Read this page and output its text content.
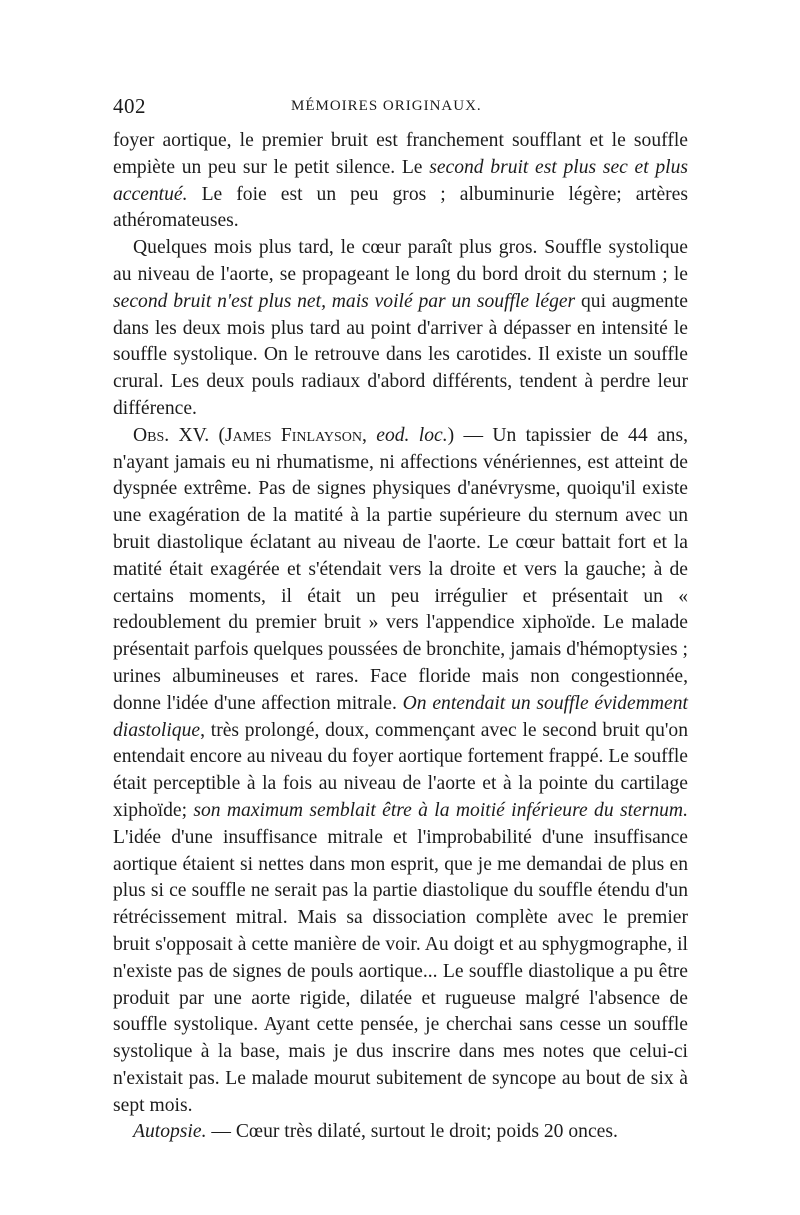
402	MÉMOIRES ORIGINAUX.

foyer aortique, le premier bruit est franchement soufflant et le souffle empiète un peu sur le petit silence. Le second bruit est plus sec et plus accentué. Le foie est un peu gros ; albuminurie légère; artères athéromateuses.

Quelques mois plus tard, le cœur paraît plus gros. Souffle systolique au niveau de l'aorte, se propageant le long du bord droit du sternum ; le second bruit n'est plus net, mais voilé par un souffle léger qui augmente dans les deux mois plus tard au point d'arriver à dépasser en intensité le souffle systolique. On le retrouve dans les carotides. Il existe un souffle crural. Les deux pouls radiaux d'abord différents, tendent à perdre leur différence.

Obs. XV. (James Finlayson, eod. loc.) — Un tapissier de 44 ans, n'ayant jamais eu ni rhumatisme, ni affections vénériennes, est atteint de dyspnée extrême. Pas de signes physiques d'anévrysme, quoiqu'il existe une exagération de la matité à la partie supérieure du sternum avec un bruit diastolique éclatant au niveau de l'aorte. Le cœur battait fort et la matité était exagérée et s'étendait vers la droite et vers la gauche; à de certains moments, il était un peu irrégulier et présentait un « redoublement du premier bruit » vers l'appendice xiphoïde. Le malade présentait parfois quelques poussées de bronchite, jamais d'hémoptysies ; urines albumineuses et rares. Face floride mais non congestionnée, donne l'idée d'une affection mitrale. On entendait un souffle évidemment diastolique, très prolongé, doux, commençant avec le second bruit qu'on entendait encore au niveau du foyer aortique fortement frappé. Le souffle était perceptible à la fois au niveau de l'aorte et à la pointe du cartilage xiphoïde; son maximum semblait être à la moitié inférieure du sternum. L'idée d'une insuffisance mitrale et l'improbabilité d'une insuffisance aortique étaient si nettes dans mon esprit, que je me demandai de plus en plus si ce souffle ne serait pas la partie diastolique du souffle étendu d'un rétrécissement mitral. Mais sa dissociation complète avec le premier bruit s'opposait à cette manière de voir. Au doigt et au sphygmographe, il n'existe pas de signes de pouls aortique... Le souffle diastolique a pu être produit par une aorte rigide, dilatée et rugueuse malgré l'absence de souffle systolique. Ayant cette pensée, je cherchai sans cesse un souffle systolique à la base, mais je dus inscrire dans mes notes que celui-ci n'existait pas. Le malade mourut subitement de syncope au bout de six à sept mois.

Autopsie. — Cœur très dilaté, surtout le droit; poids 20 onces.
